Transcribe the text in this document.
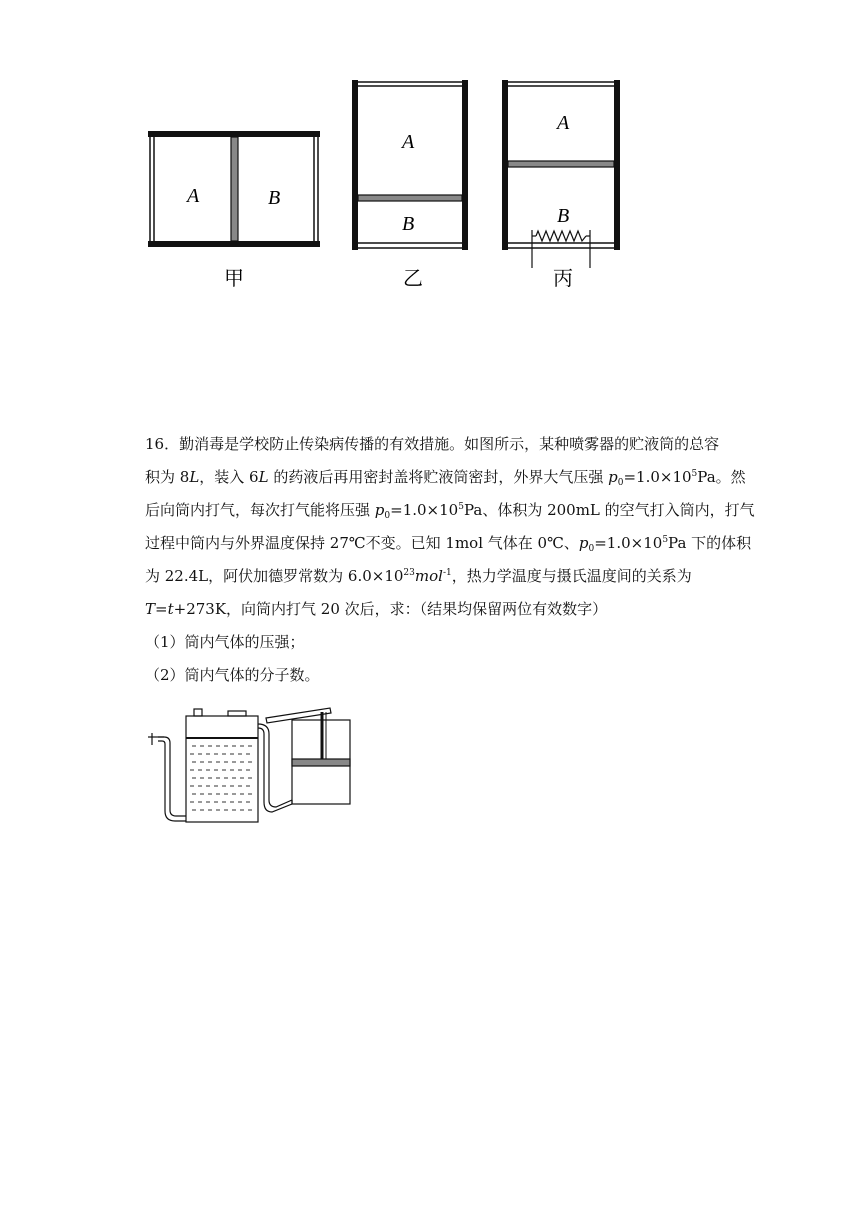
A	B
甲
A
B
乙
A
B
丙

16．勤消毒是学校防止传染病传播的有效措施。如图所示，某种喷雾器的贮液筒的总容

积为 8L，装入 6L 的药液后再用密封盖将贮液筒密封，外界大气压强 $p_0=1.0\times 10^5Pa$。然

后向筒内打气，每次打气能将压强 $p_0=1.0\times 10^5Pa$、体积为 200mL 的空气打入筒内，打气

过程中筒内与外界温度保持 27℃不变。已知 1mol 气体在 0℃、$p_0=1.0\times 10^5Pa$ 下的体积

为 22.4L，阿伏加德罗常数为 $6.0\times 10^{23}mol^{-1}$，热力学温度与摄氏温度间的关系为

T=t+273K，向筒内打气 20 次后，求：（结果均保留两位有效数字）

（1）筒内气体的压强；

（2）筒内气体的分子数。
